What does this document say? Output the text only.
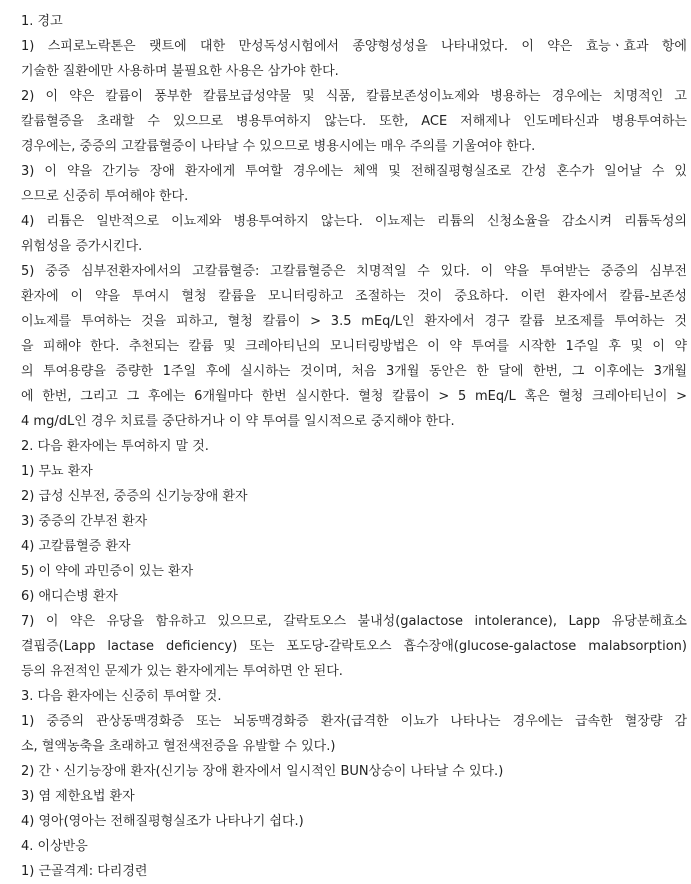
1. 경고
1) 스피로노락톤은 랫트에 대한 만성독성시험에서 종양형성성을 나타내었다. 이 약은 효능ㆍ효과 항에
기술한 질환에만 사용하며 불필요한 사용은 삼가야 한다.
2) 이 약은 칼륨이 풍부한 칼륨보급성약물 및 식품, 칼륨보존성이뇨제와 병용하는 경우에는 치명적인 고
칼륨혈증을 초래할 수 있으므로 병용투여하지 않는다. 또한, ACE 저해제나 인도메타신과 병용투여하는
경우에는, 중증의 고칼륨혈증이 나타날 수 있으므로 병용시에는 매우 주의를 기울여야 한다.
3) 이 약을 간기능 장애 환자에게 투여할 경우에는 체액 및 전해질평형실조로 간성 혼수가 일어날 수 있
으므로 신중히 투여해야 한다.
4) 리튬은 일반적으로 이뇨제와 병용투여하지 않는다. 이뇨제는 리튬의 신청소율을 감소시켜 리튬독성의
위험성을 증가시킨다.
5) 중증 심부전환자에서의 고칼륨혈증: 고칼륨혈증은 치명적일 수 있다. 이 약을 투여받는 중증의 심부전
환자에 이 약을 투여시 혈청 칼륨을 모니터링하고 조절하는 것이 중요하다. 이런 환자에서 칼륨-보존성
이뇨제를 투여하는 것을 피하고, 혈청 칼륨이 > 3.5 mEq/L인 환자에서 경구 칼륨 보조제를 투여하는 것
을 피해야 한다. 추천되는 칼륨 및 크레아티닌의 모니터링방법은 이 약 투여를 시작한 1주일 후 및 이 약
의 투여용량을 증량한 1주일 후에 실시하는 것이며, 처음 3개월 동안은 한 달에 한번, 그 이후에는 3개월
에 한번, 그리고 그 후에는 6개월마다 한번 실시한다. 혈청 칼륨이 > 5 mEq/L 혹은 혈청 크레아티닌이 >
4 mg/dL인 경우 치료를 중단하거나 이 약 투여를 일시적으로 중지해야 한다.
2. 다음 환자에는 투여하지 말 것.
1) 무뇨 환자
2) 급성 신부전, 중증의 신기능장애 환자
3) 중증의 간부전 환자
4) 고칼륨혈증 환자
5) 이 약에 과민증이 있는 환자
6) 애디슨병 환자
7) 이 약은 유당을 함유하고 있으므로, 갈락토오스 불내성(galactose intolerance), Lapp 유당분해효소
결핍증(Lapp lactase deficiency) 또는 포도당-갈락토오스 흡수장애(glucose-galactose malabsorption)
등의 유전적인 문제가 있는 환자에게는 투여하면 안 된다.
3. 다음 환자에는 신중히 투여할 것.
1) 중증의 관상동맥경화증 또는 뇌동맥경화증 환자(급격한 이뇨가 나타나는 경우에는 급속한 혈장량 감
소, 혈액농축을 초래하고 혈전색전증을 유발할 수 있다.)
2) 간ㆍ신기능장애 환자(신기능 장애 환자에서 일시적인 BUN상승이 나타날 수 있다.)
3) 염 제한요법 환자
4) 영아(영아는 전해질평형실조가 나타나기 쉽다.)
4. 이상반응
1) 근골격계: 다리경련
